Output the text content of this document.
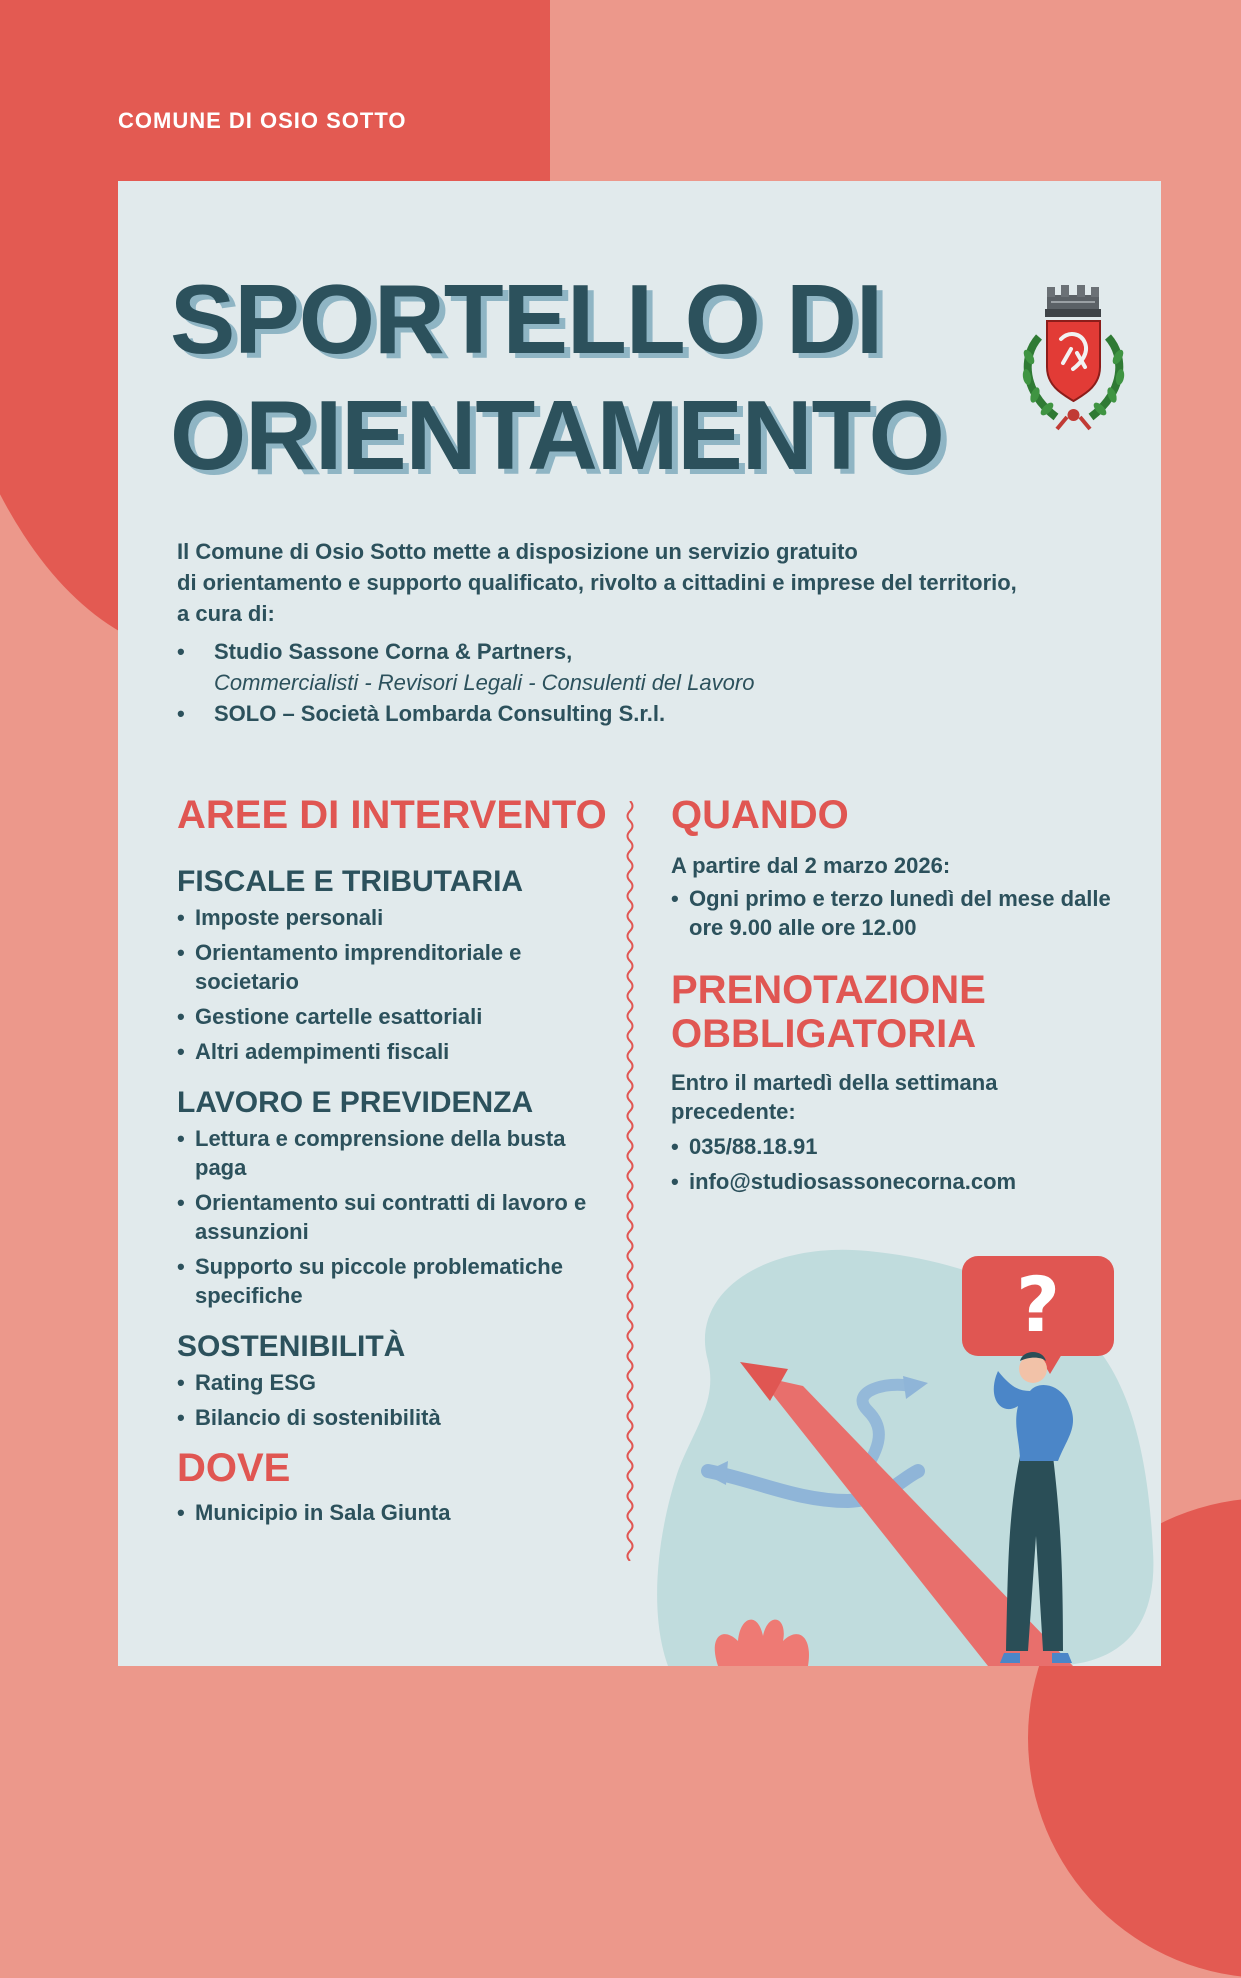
COMUNE DI OSIO SOTTO

SPORTELLO DI
ORIENTAMENTO
Il Comune di Osio Sotto mette a disposizione un servizio gratuito
di orientamento e supporto qualificato, rivolto a cittadini e imprese del territorio,
a cura di:
• Studio Sassone Corna & Partners,
Commercialisti - Revisori Legali - Consulenti del Lavoro
• SOLO – Società Lombarda Consulting S.r.l.
AREE DI INTERVENTO
FISCALE E TRIBUTARIA
• Imposte personali
• Orientamento imprenditoriale e societario
• Gestione cartelle esattoriali
• Altri adempimenti fiscali
LAVORO E PREVIDENZA
• Lettura e comprensione della busta paga
• Orientamento sui contratti di lavoro e assunzioni
• Supporto su piccole problematiche specifiche
SOSTENIBILITÀ
• Rating ESG
• Bilancio di sostenibilità
DOVE
• Municipio in Sala Giunta
QUANDO

A partire dal 2 marzo 2026:

• Ogni primo e terzo lunedì del mese dalle ore 9.00 alle ore 12.00
PRENOTAZIONE
OBBLIGATORIA

Entro il martedì della settimana precedente:

• 035/88.18.91
• info@studiosassonecorna.com
?
